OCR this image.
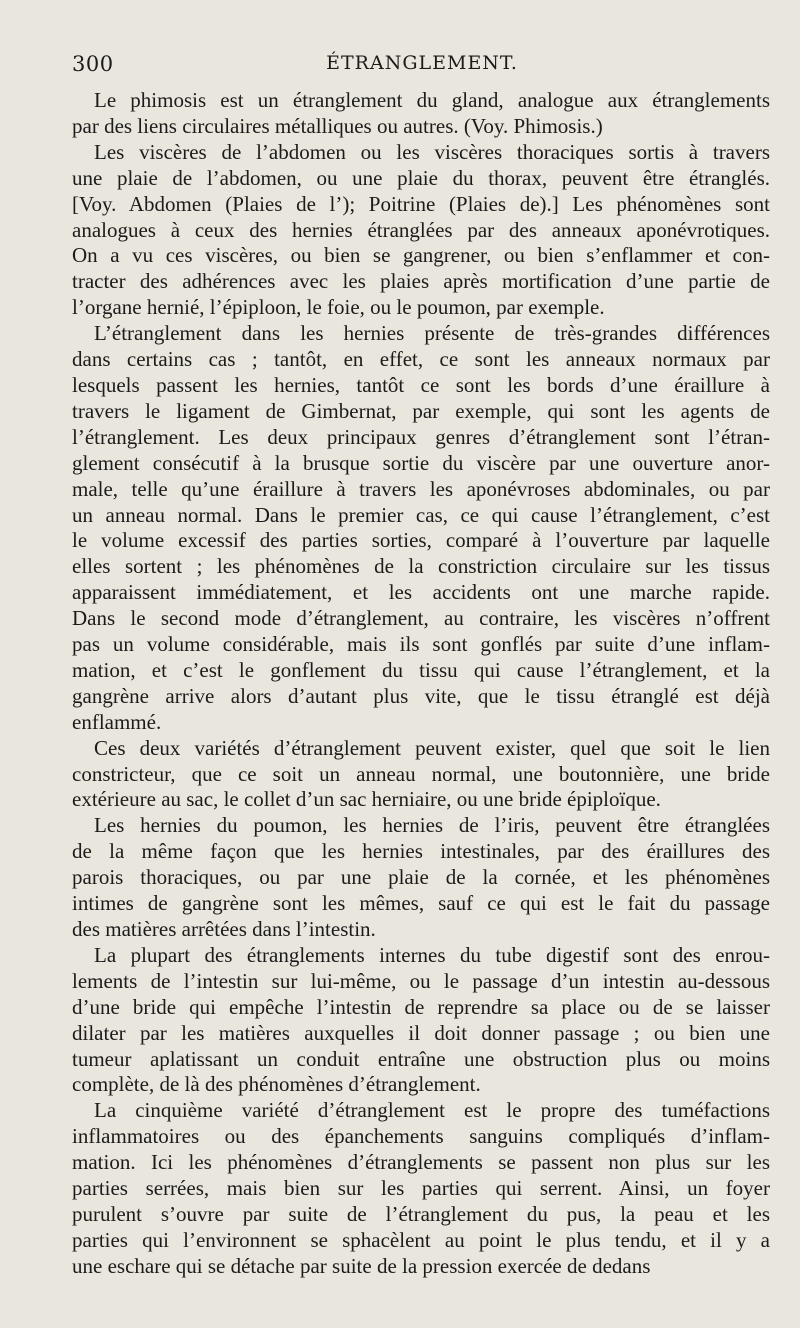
300	ÉTRANGLEMENT.
Le phimosis est un étranglement du gland, analogue aux étranglements
par des liens circulaires métalliques ou autres. (Voy. Phimosis.)
Les viscères de l’abdomen ou les viscères thoraciques sortis à travers
une plaie de l’abdomen, ou une plaie du thorax, peuvent être étranglés.
[Voy. Abdomen (Plaies de l’); Poitrine (Plaies de).] Les phénomènes sont
analogues à ceux des hernies étranglées par des anneaux aponévrotiques.
On a vu ces viscères, ou bien se gangrener, ou bien s’enflammer et con-
tracter des adhérences avec les plaies après mortification d’une partie de
l’organe hernié, l’épiploon, le foie, ou le poumon, par exemple.
L’étranglement dans les hernies présente de très-grandes différences
dans certains cas ; tantôt, en effet, ce sont les anneaux normaux par
lesquels passent les hernies, tantôt ce sont les bords d’une éraillure à
travers le ligament de Gimbernat, par exemple, qui sont les agents de
l’étranglement. Les deux principaux genres d’étranglement sont l’étran-
glement consécutif à la brusque sortie du viscère par une ouverture anor-
male, telle qu’une éraillure à travers les aponévroses abdominales, ou par
un anneau normal. Dans le premier cas, ce qui cause l’étranglement, c’est
le volume excessif des parties sorties, comparé à l’ouverture par laquelle
elles sortent ; les phénomènes de la constriction circulaire sur les tissus
apparaissent immédiatement, et les accidents ont une marche rapide.
Dans le second mode d’étranglement, au contraire, les viscères n’offrent
pas un volume considérable, mais ils sont gonflés par suite d’une inflam-
mation, et c’est le gonflement du tissu qui cause l’étranglement, et la
gangrène arrive alors d’autant plus vite, que le tissu étranglé est déjà
enflammé.
Ces deux variétés d’étranglement peuvent exister, quel que soit le lien
constricteur, que ce soit un anneau normal, une boutonnière, une bride
extérieure au sac, le collet d’un sac herniaire, ou une bride épiploïque.
Les hernies du poumon, les hernies de l’iris, peuvent être étranglées
de la même façon que les hernies intestinales, par des éraillures des
parois thoraciques, ou par une plaie de la cornée, et les phénomènes
intimes de gangrène sont les mêmes, sauf ce qui est le fait du passage
des matières arrêtées dans l’intestin.
La plupart des étranglements internes du tube digestif sont des enrou-
lements de l’intestin sur lui-même, ou le passage d’un intestin au-dessous
d’une bride qui empêche l’intestin de reprendre sa place ou de se laisser
dilater par les matières auxquelles il doit donner passage ; ou bien une
tumeur aplatissant un conduit entraîne une obstruction plus ou moins
complète, de là des phénomènes d’étranglement.
La cinquième variété d’étranglement est le propre des tuméfactions
inflammatoires ou des épanchements sanguins compliqués d’inflam-
mation. Ici les phénomènes d’étranglements se passent non plus sur les
parties serrées, mais bien sur les parties qui serrent. Ainsi, un foyer
purulent s’ouvre par suite de l’étranglement du pus, la peau et les
parties qui l’environnent se sphacèlent au point le plus tendu, et il y a
une eschare qui se détache par suite de la pression exercée de dedans
